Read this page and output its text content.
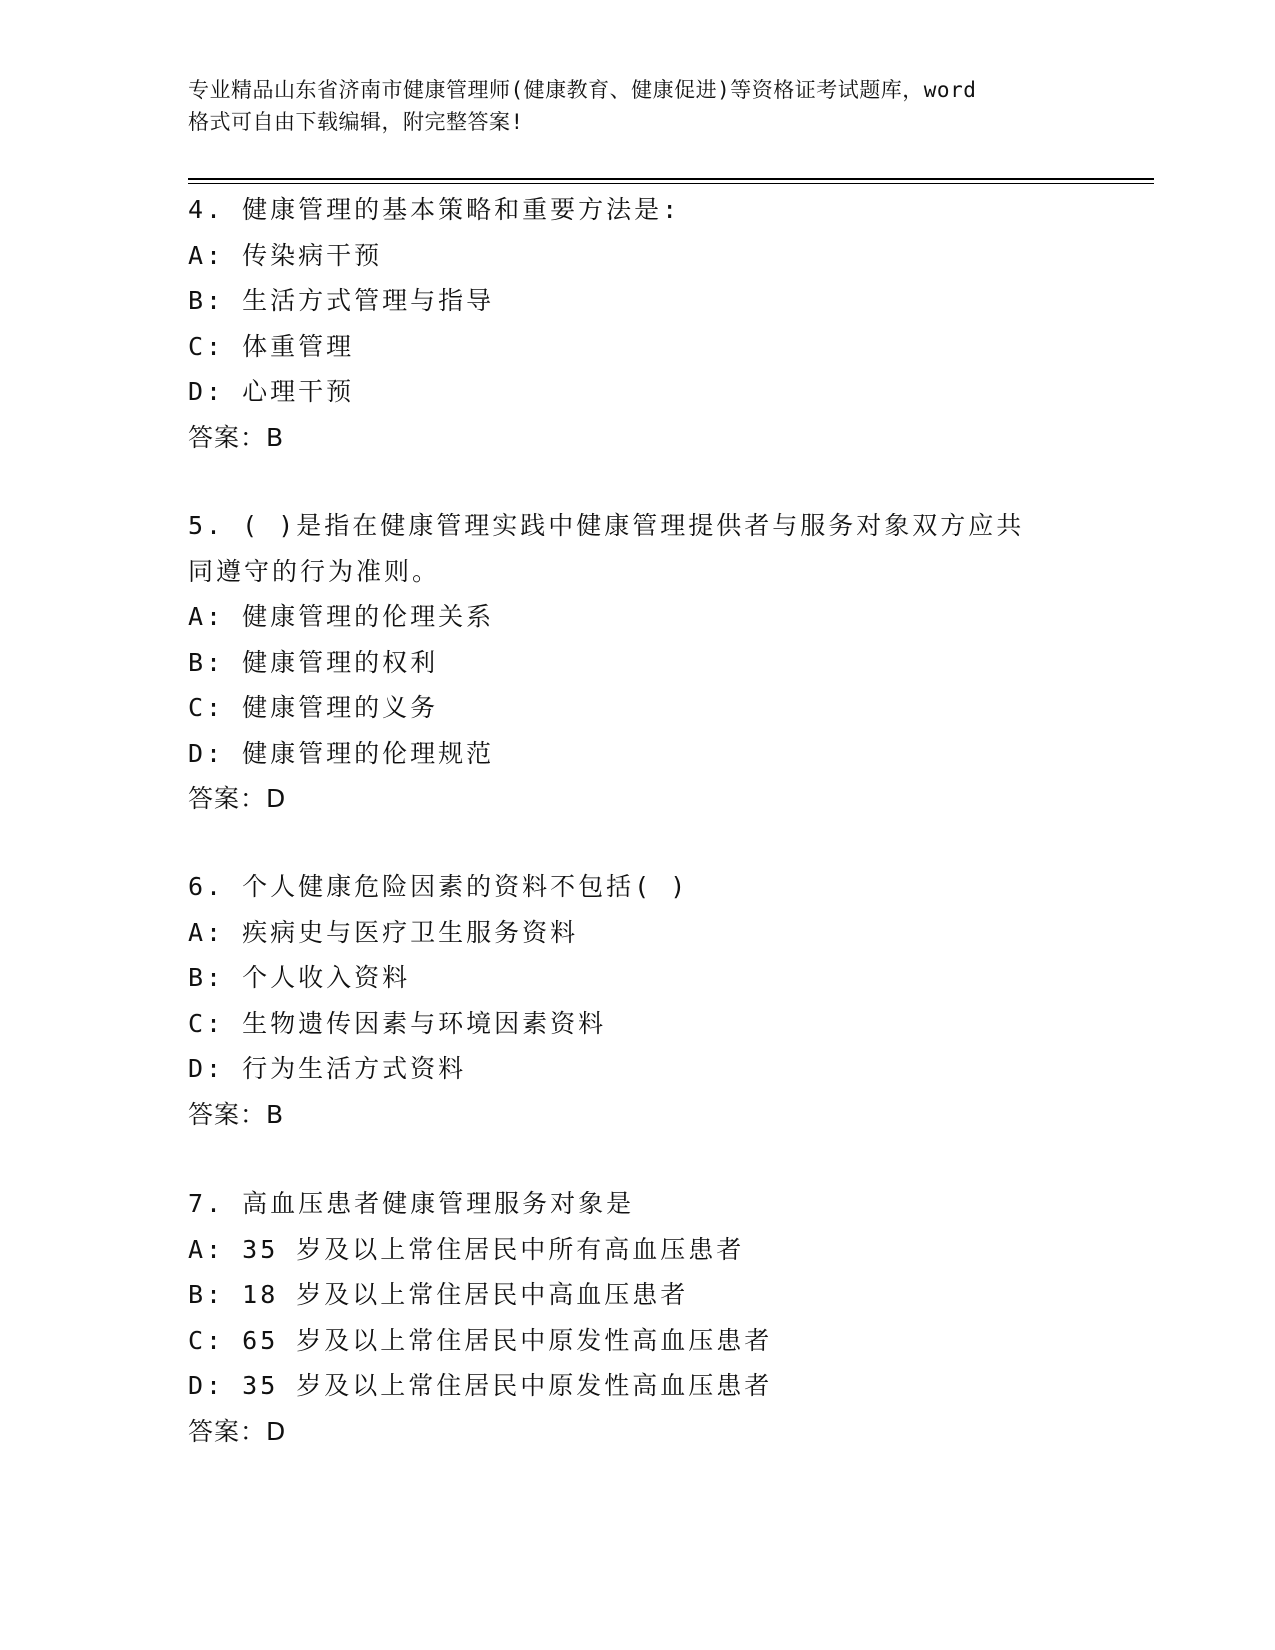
专业精品山东省济南市健康管理师(健康教育、健康促进)等资格证考试题库，word

格式可自由下载编辑，附完整答案!

4. 健康管理的基本策略和重要方法是:
A: 传染病干预
B: 生活方式管理与指导
C: 体重管理
D: 心理干预
答案：B
5. ( )是指在健康管理实践中健康管理提供者与服务对象双方应共
同遵守的行为准则。
A: 健康管理的伦理关系
B: 健康管理的权利
C: 健康管理的义务
D: 健康管理的伦理规范
答案：D
6. 个人健康危险因素的资料不包括( )
A: 疾病史与医疗卫生服务资料
B: 个人收入资料
C: 生物遗传因素与环境因素资料
D: 行为生活方式资料
答案：B
7. 高血压患者健康管理服务对象是
A: 35 岁及以上常住居民中所有高血压患者
B: 18 岁及以上常住居民中高血压患者
C: 65 岁及以上常住居民中原发性高血压患者
D: 35 岁及以上常住居民中原发性高血压患者
答案：D
